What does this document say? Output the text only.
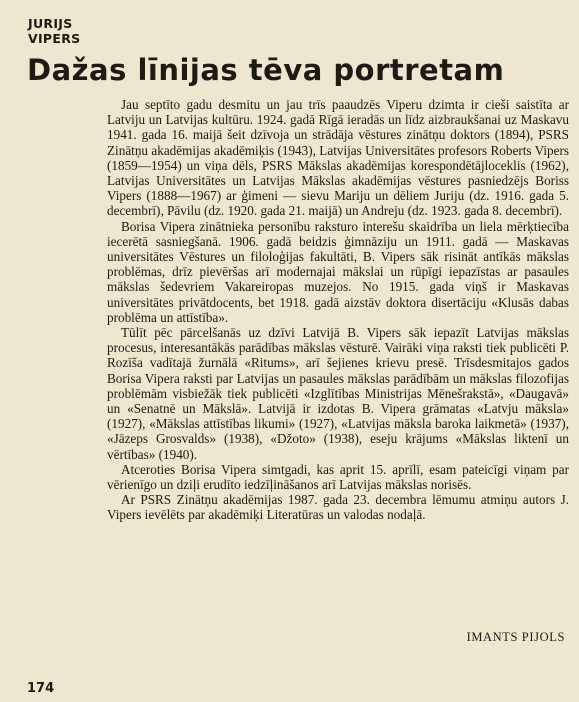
JURIJS
VIPERS
Dažas līnijas tēva portretam

Jau septīto gadu desmitu un jau trīs paaudzēs Viperu dzimta ir cieši saistīta ar Latviju un Latvijas kultūru. 1924. gadā Rīgā ieradās un līdz aizbraukšanai uz Maskavu 1941. gada 16. maijā šeit dzīvoja un strādāja vēstures zinātņu doktors (1894), PSRS Zinātņu akadēmijas akadēmiķis (1943), Latvijas Universitātes profesors Roberts Vipers (1859—1954) un viņa dēls, PSRS Mākslas akadēmijas korespondētājloceklis (1962), Latvijas Universitātes un Latvijas Mākslas akadēmijas vēstures pasniedzējs Boriss Vipers (1888—1967) ar ģimeni — sievu Mariju un dēliem Juriju (dz. 1916. gada 5. decembrī), Pāvilu (dz. 1920. gada 21. maijā) un Andreju (dz. 1923. gada 8. decembrī).

Borisa Vipera zinātnieka personību raksturo interešu skaidrība un liela mērķtiecība iecerētā sasniegšanā. 1906. gadā beidzis ģimnāziju un 1911. gadā — Maskavas universitātes Vēstures un filoloģijas fakultāti, B. Vipers sāk risināt antīkās mākslas problēmas, drīz pievēršas arī modernajai mākslai un rūpīgi iepazīstas ar pasaules mākslas šedevriem Vakareiropas muzejos. No 1915. gada viņš ir Maskavas universitātes privātdocents, bet 1918. gadā aizstāv doktora disertāciju «Klusās dabas problēma un attīstība».

Tūlīt pēc pārcelšanās uz dzīvi Latvijā B. Vipers sāk iepazīt Latvijas mākslas procesus, interesantākās parādības mākslas vēsturē. Vairāki viņa raksti tiek publicēti P. Rozīša vadītajā žurnālā «Ritums», arī šejienes krievu presē. Trīsdesmitajos gados Borisa Vipera raksti par Latvijas un pasaules mākslas parādībām un mākslas filozofijas problēmām visbiežāk tiek publicēti «Izglītības Ministrijas Mēnešrakstā», «Daugavā» un «Senatnē un Mākslā». Latvijā ir izdotas B. Vipera grāmatas «Latvju māksla» (1927), «Mākslas attīstības likumi» (1927), «Latvijas māksla baroka laikmetā» (1937), «Jāzeps Grosvalds» (1938), «Džoto» (1938), eseju krājums «Mākslas liktenī un vērtības» (1940).

Atceroties Borisa Vipera simtgadi, kas aprit 15. aprīlī, esam pateicīgi viņam par vērienīgo un dziļi erudīto iedzīļināšanos arī Latvijas mākslas norisēs.

Ar PSRS Zinātņu akadēmijas 1987. gada 23. decembra lēmumu atmiņu autors J. Vipers ievēlēts par akadēmiķi Literatūras un valodas nodaļā.

IMANTS PIJOLS
174
